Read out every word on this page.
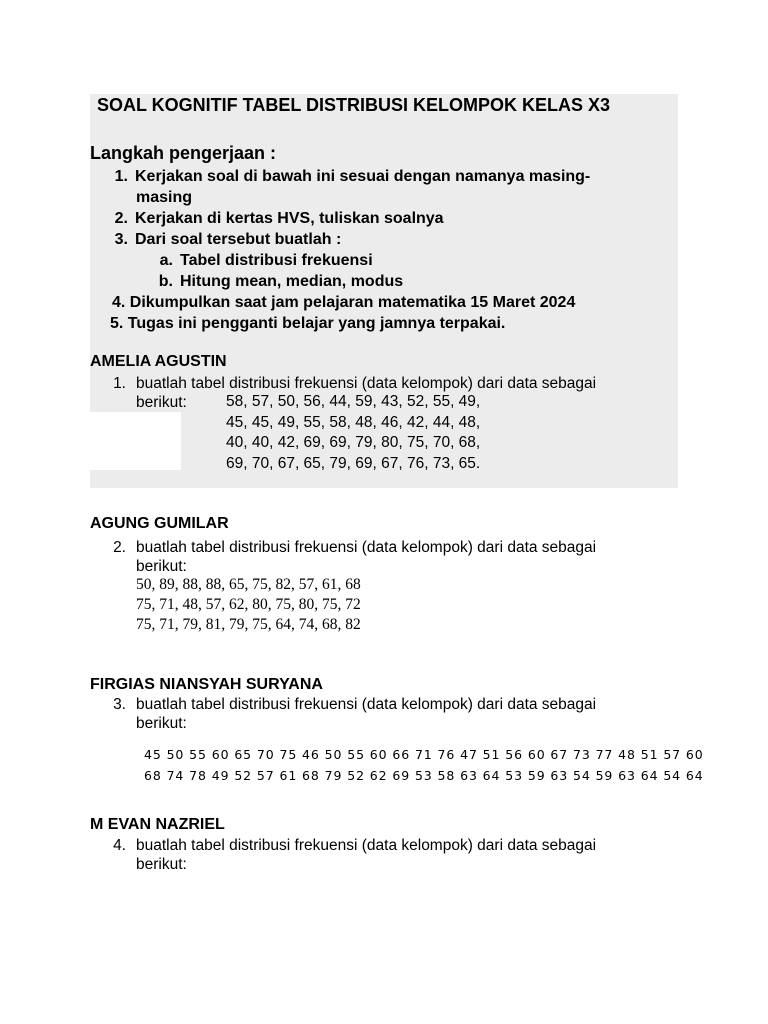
SOAL KOGNITIF TABEL DISTRIBUSI KELOMPOK KELAS X3
Langkah pengerjaan :
1. Kerjakan soal di bawah ini sesuai dengan namanya masing-
masing
2. Kerjakan di kertas HVS, tuliskan soalnya
3. Dari soal tersebut buatlah :
a. Tabel distribusi frekuensi
b. Hitung mean, median, modus
4. Dikumpulkan saat jam pelajaran matematika 15 Maret 2024
5. Tugas ini pengganti belajar yang jamnya terpakai.
AMELIA AGUSTIN
1. buatlah tabel distribusi frekuensi (data kelompok) dari data sebagai
berikut:	58, 57, 50, 56, 44, 59, 43, 52, 55, 49,
45, 45, 49, 55, 58, 48, 46, 42, 44, 48,
40, 40, 42, 69, 69, 79, 80, 75, 70, 68,
69, 70, 67, 65, 79, 69, 67, 76, 73, 65.
AGUNG GUMILAR
2. buatlah tabel distribusi frekuensi (data kelompok) dari data sebagai
berikut:
50, 89, 88, 88, 65, 75, 82, 57, 61, 68
75, 71, 48, 57, 62, 80, 75, 80, 75, 72
75, 71, 79, 81, 79, 75, 64, 74, 68, 82
FIRGIAS NIANSYAH SURYANA
3. buatlah tabel distribusi frekuensi (data kelompok) dari data sebagai
berikut:
45 50 55 60 65 70 75 46 50 55 60 66 71 76 47 51 56 60 67 73 77 48 51 57 60
68 74 78 49 52 57 61 68 79 52 62 69 53 58 63 64 53 59 63 54 59 63 64 54 64
M EVAN NAZRIEL
4. buatlah tabel distribusi frekuensi (data kelompok) dari data sebagai
berikut:
